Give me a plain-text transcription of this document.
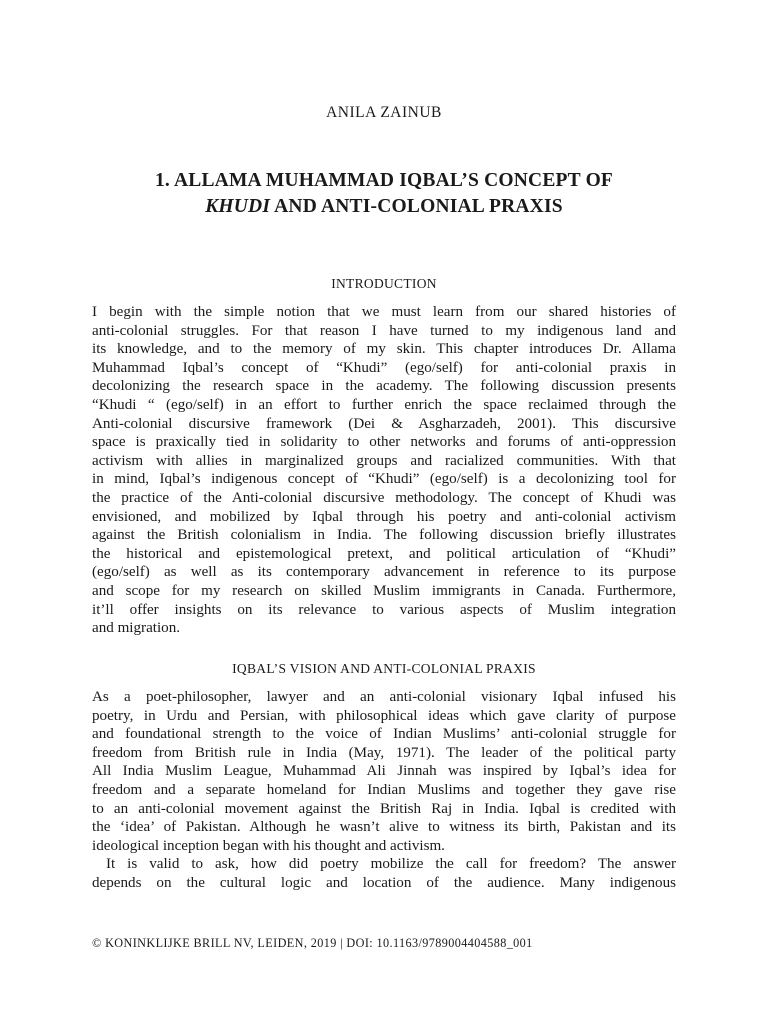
ANILA ZAINUB
1. ALLAMA MUHAMMAD IQBAL’S CONCEPT OF
KHUDI AND ANTI-COLONIAL PRAXIS
INTRODUCTION

I begin with the simple notion that we must learn from our shared histories of
anti-colonial struggles. For that reason I have turned to my indigenous land and
its knowledge, and to the memory of my skin. This chapter introduces Dr. Allama
Muhammad Iqbal’s concept of “Khudi” (ego/self) for anti-colonial praxis in
decolonizing the research space in the academy. The following discussion presents
“Khudi “ (ego/self) in an effort to further enrich the space reclaimed through the
Anti-colonial discursive framework (Dei & Asgharzadeh, 2001). This discursive
space is praxically tied in solidarity to other networks and forums of anti-oppression
activism with allies in marginalized groups and racialized communities. With that
in mind, Iqbal’s indigenous concept of “Khudi” (ego/self) is a decolonizing tool for
the practice of the Anti-colonial discursive methodology. The concept of Khudi was
envisioned, and mobilized by Iqbal through his poetry and anti-colonial activism
against the British colonialism in India. The following discussion briefly illustrates
the historical and epistemological pretext, and political articulation of “Khudi”
(ego/self) as well as its contemporary advancement in reference to its purpose
and scope for my research on skilled Muslim immigrants in Canada. Furthermore,
it’ll offer insights on its relevance to various aspects of Muslim integration
and migration.

IQBAL’S VISION AND ANTI-COLONIAL PRAXIS

As a poet-philosopher, lawyer and an anti-colonial visionary Iqbal infused his
poetry, in Urdu and Persian, with philosophical ideas which gave clarity of purpose
and foundational strength to the voice of Indian Muslims’ anti-colonial struggle for
freedom from British rule in India (May, 1971). The leader of the political party
All India Muslim League, Muhammad Ali Jinnah was inspired by Iqbal’s idea for
freedom and a separate homeland for Indian Muslims and together they gave rise
to an anti-colonial movement against the British Raj in India. Iqbal is credited with
the ‘idea’ of Pakistan. Although he wasn’t alive to witness its birth, Pakistan and its
ideological inception began with his thought and activism.

It is valid to ask, how did poetry mobilize the call for freedom? The answer
depends on the cultural logic and location of the audience. Many indigenous

© KONINKLIJKE BRILL NV, LEIDEN, 2019 | DOI: 10.1163/9789004404588_001
